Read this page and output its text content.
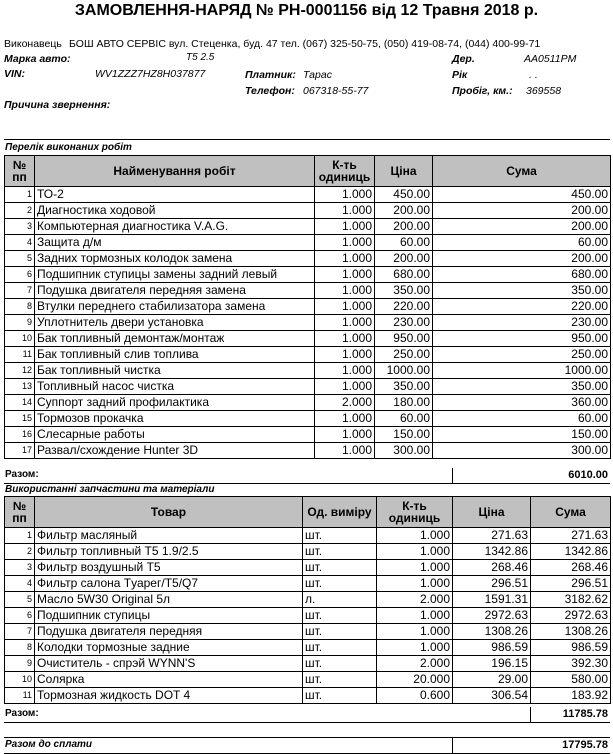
ЗАМОВЛЕННЯ-НАРЯД № РН-0001156 від 12 Травня 2018 р.
Виконавець БОШ АВТО СЕРВІС вул. Стеценка, буд. 47 тел. (067) 325-50-75, (050) 419-08-74, (044) 400-99-71
Марка авто:	T5 2.5	Дер.	AA0511PM
VIN:	WV1ZZZ7HZ8H037877	Платник: Тарас	Рік	. .
Телефон: 067318-55-77	Пробіг, км.: 369558
Причина звернення:
Перелік виконаних робіт
№ пп	Найменування робіт	К-ть одиниць	Ціна	Сума
1	ТО-2	1.000	450.00	450.00
2	Диагностика ходовой	1.000	200.00	200.00
3	Компьютерная диагностика V.A.G.	1.000	200.00	200.00
4	Защита д/м	1.000	60.00	60.00
5	Задних тормозных колодок замена	1.000	200.00	200.00
6	Подшипник ступицы замены задний левый	1.000	680.00	680.00
7	Подушка двигателя передняя замена	1.000	350.00	350.00
8	Втулки переднего стабилизатора замена	1.000	220.00	220.00
9	Уплотнитель двери установка	1.000	230.00	230.00
10	Бак топливный демонтаж/монтаж	1.000	950.00	950.00
11	Бак топливный слив топлива	1.000	250.00	250.00
12	Бак топливный чистка	1.000	1000.00	1000.00
13	Топливный насос чистка	1.000	350.00	350.00
14	Суппорт задний профилактика	2.000	180.00	360.00
15	Тормозов прокачка	1.000	60.00	60.00
16	Слесарные работы	1.000	150.00	150.00
17	Развал/схождение Hunter 3D	1.000	300.00	300.00
Разом:	6010.00
Використанні запчастини та матеріали
№ пп	Товар	Од. виміру	К-ть одиниць	Ціна	Сума
1	Фильтр масляный	шт.	1.000	271.63	271.63
2	Фильтр топливный T5 1.9/2.5	шт.	1.000	1342.86	1342.86
3	Фильтр воздушный T5	шт.	1.000	268.46	268.46
4	Фильтр салона Tуарег/T5/Q7	шт.	1.000	296.51	296.51
5	Масло 5W30 Original 5л	л.	2.000	1591.31	3182.62
6	Подшипник ступицы	шт.	1.000	2972.63	2972.63
7	Подушка двигателя передняя	шт.	1.000	1308.26	1308.26
8	Колодки тормозные задние	шт.	1.000	986.59	986.59
9	Очиститель - спрэй WYNN'S	шт.	2.000	196.15	392.30
10	Солярка	шт.	20.000	29.00	580.00
11	Тормозная жидкость DOT 4	шт.	0.600	306.54	183.92
Разом:	11785.78
Разом до сплати	17795.78
